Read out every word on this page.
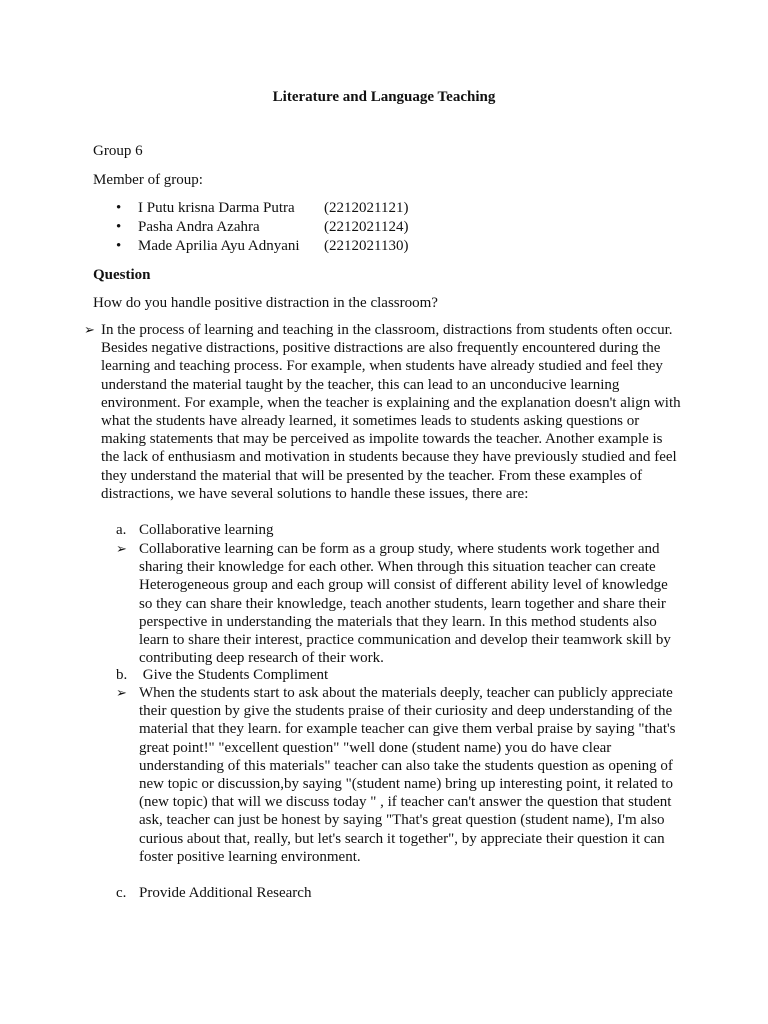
Literature and Language Teaching
Group 6
Member of group:
•	I Putu krisna Darma Putra (2212021121)
•	Pasha Andra Azahra	(2212021124)
•	Made Aprilia Ayu Adnyani (2212021130)
Question
How do you handle positive distraction in the classroom?
➢ In the process of learning and teaching in the classroom, distractions from students often occur. Besides negative distractions, positive distractions are also frequently encountered during the learning and teaching process. For example, when students have already studied and feel they understand the material taught by the teacher, this can lead to an unconducive learning environment. For example, when the teacher is explaining and the explanation doesn't align with what the students have already learned, it sometimes leads to students asking questions or making statements that may be perceived as impolite towards the teacher. Another example is the lack of enthusiasm and motivation in students because they have previously studied and feel they understand the material that will be presented by the teacher. From these examples of distractions, we have several solutions to handle these issues, there are:

a. Collaborative learning

➢ Collaborative learning can be form as a group study, where students work together and sharing their knowledge for each other. When through this situation teacher can create Heterogeneous group and each group will consist of different ability level of knowledge so they can share their knowledge, teach another students, learn together and share their perspective in understanding the materials that they learn. In this method students also learn to share their interest, practice communication and develop their teamwork skill by contributing deep research of their work.

b. Give the Students Compliment

➢ When the students start to ask about the materials deeply, teacher can publicly appreciate their question by give the students praise of their curiosity and deep understanding of the material that they learn. for example teacher can give them verbal praise by saying "that's great point!" "excellent question" "well done (student name) you do have clear understanding of this materials" teacher can also take the students question as opening of new topic or discussion,by saying "(student name) bring up interesting point, it related to (new topic) that will we discuss today " , if teacher can't answer the question that student ask, teacher can just be honest by saying "That's great question (student name), I'm also curious about that, really, but let's search it together", by appreciate their question it can foster positive learning environment.

c. Provide Additional Research
